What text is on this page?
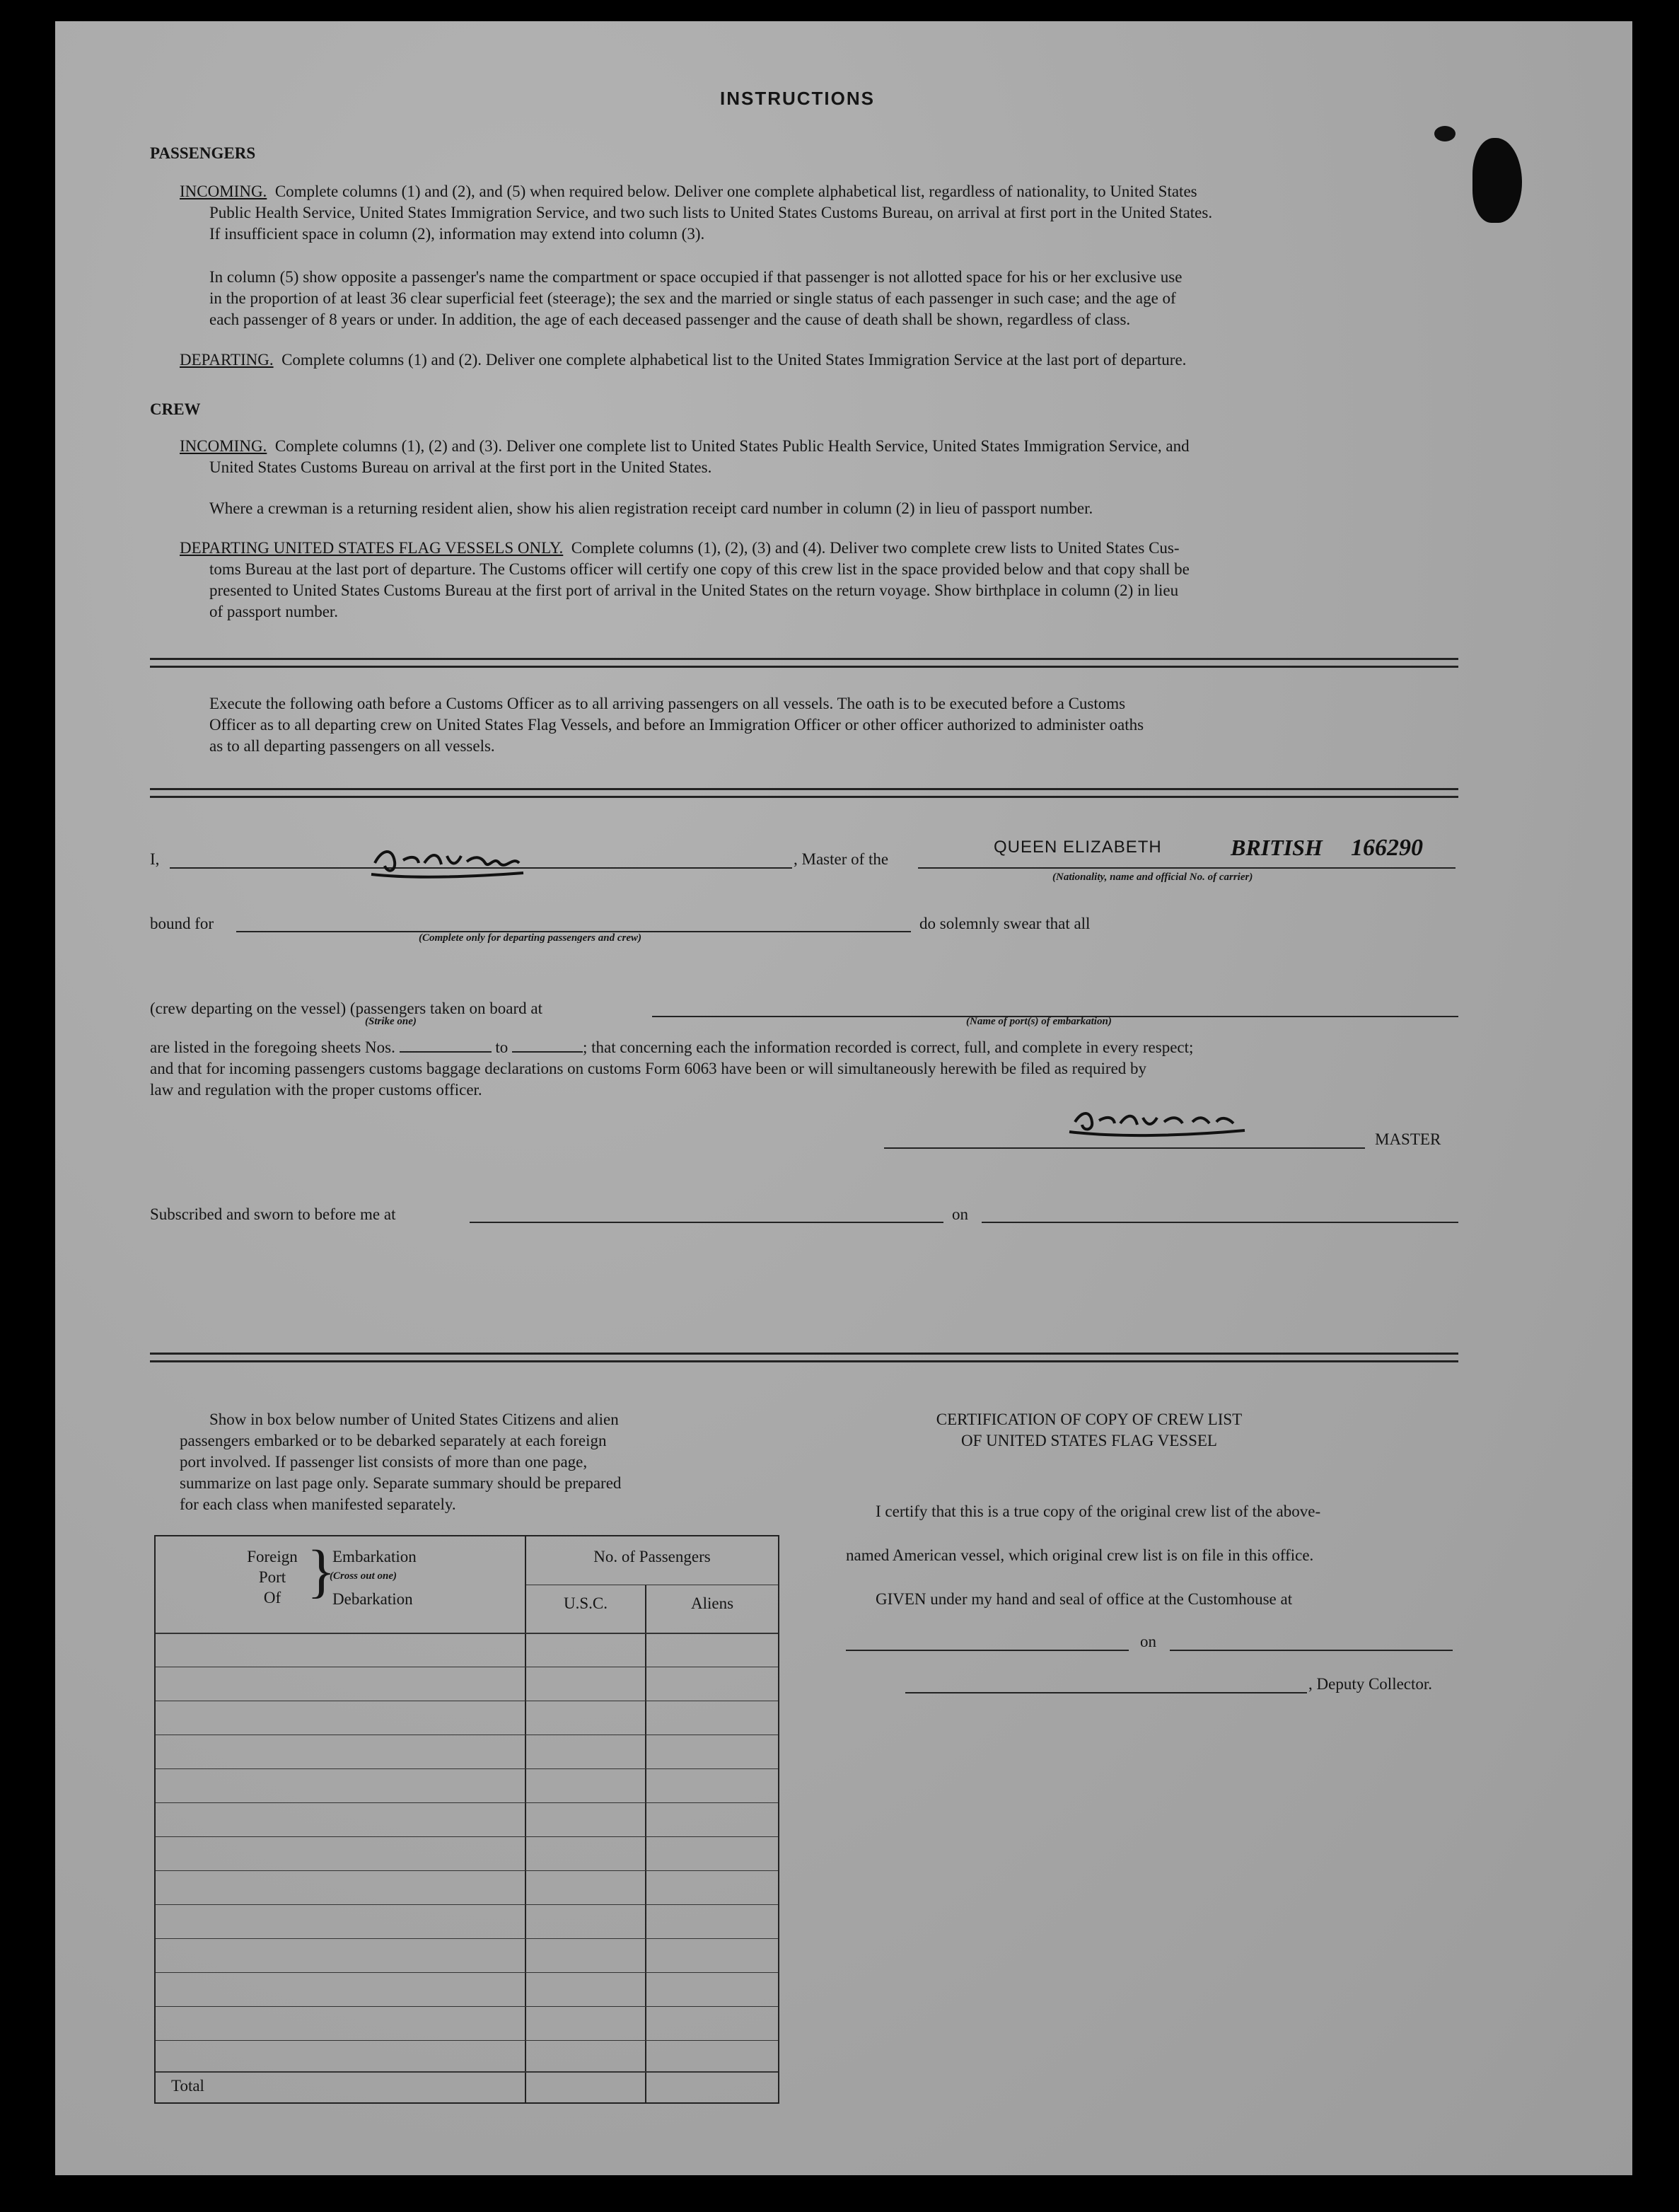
INSTRUCTIONS
PASSENGERS
INCOMING. Complete columns (1) and (2), and (5) when required below. Deliver one complete alphabetical list, regardless of nationality, to United States
Public Health Service, United States Immigration Service, and two such lists to United States Customs Bureau, on arrival at first port in the United States.
If insufficient space in column (2), information may extend into column (3).
In column (5) show opposite a passenger's name the compartment or space occupied if that passenger is not allotted space for his or her exclusive use
in the proportion of at least 36 clear superficial feet (steerage); the sex and the married or single status of each passenger in such case; and the age of
each passenger of 8 years or under. In addition, the age of each deceased passenger and the cause of death shall be shown, regardless of class.
DEPARTING. Complete columns (1) and (2). Deliver one complete alphabetical list to the United States Immigration Service at the last port of departure.
CREW
INCOMING. Complete columns (1), (2) and (3). Deliver one complete list to United States Public Health Service, United States Immigration Service, and
United States Customs Bureau on arrival at the first port in the United States.
Where a crewman is a returning resident alien, show his alien registration receipt card number in column (2) in lieu of passport number.
DEPARTING UNITED STATES FLAG VESSELS ONLY. Complete columns (1), (2), (3) and (4). Deliver two complete crew lists to United States Cus-
toms Bureau at the last port of departure. The Customs officer will certify one copy of this crew list in the space provided below and that copy shall be
presented to United States Customs Bureau at the first port of arrival in the United States on the return voyage. Show birthplace in column (2) in lieu
of passport number.
Execute the following oath before a Customs Officer as to all arriving passengers on all vessels. The oath is to be executed before a Customs
Officer as to all departing crew on United States Flag Vessels, and before an Immigration Officer or other officer authorized to administer oaths
as to all departing passengers on all vessels.
I,	, Master of the
QUEEN ELIZABETH	BRITISH 166290
(Nationality, name and official No. of carrier)
bound for
(Complete only for departing passengers and crew)
do solemnly swear that all
(crew departing on the vessel) (passengers taken on board at
(Strike one)	(Name of port(s) of embarkation)
are listed in the foregoing sheets Nos.	to	; that concerning each the information recorded is correct, full, and complete in every respect;
and that for incoming passengers customs baggage declarations on customs Form 6063 have been or will simultaneously herewith be filed as required by
law and regulation with the proper customs officer.
MASTER
Subscribed and sworn to before me at	on
Show in box below number of United States Citizens and alien
passengers embarked or to be debarked separately at each foreign
port involved. If passenger list consists of more than one page,
summarize on last page only. Separate summary should be prepared
for each class when manifested separately.
Foreign
Port
Of }
Embarkation
(Cross out one)
Debarkation
No. of Passengers
U.S.C.	Aliens
Total
CERTIFICATION OF COPY OF CREW LIST
OF UNITED STATES FLAG VESSEL
I certify that this is a true copy of the original crew list of the above-
named American vessel, which original crew list is on file in this office.
GIVEN under my hand and seal of office at the Customhouse at
on
, Deputy Collector.
